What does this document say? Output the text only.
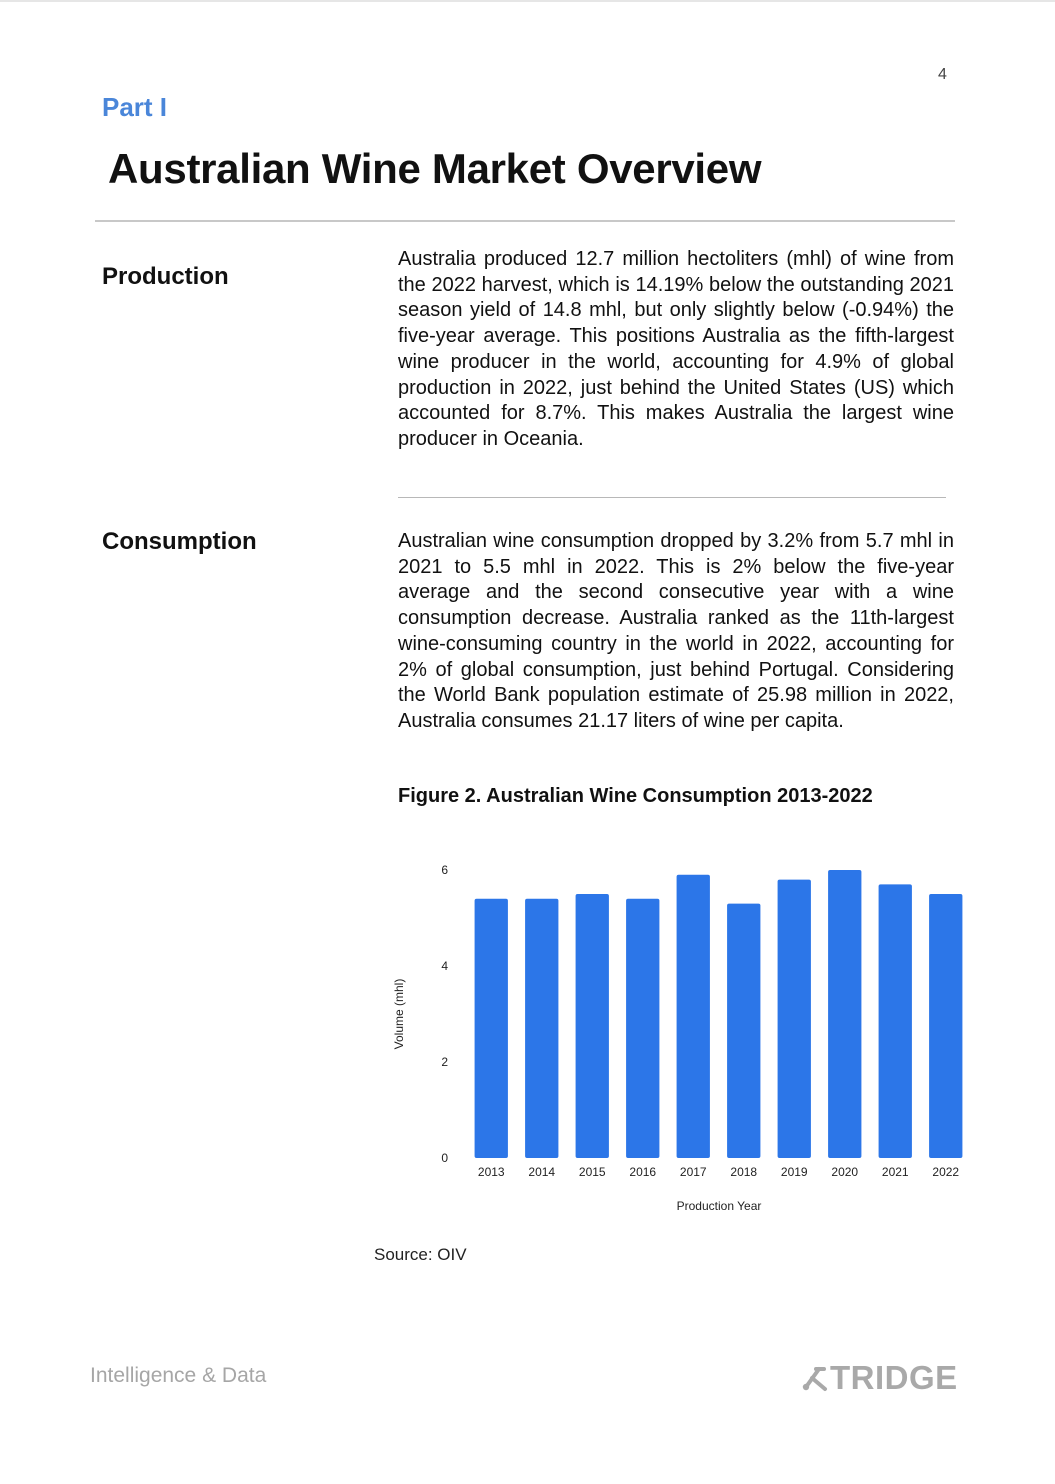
4
Part I
Australian Wine Market Overview
Production
Australia produced 12.7 million hectoliters (mhl) of wine from the 2022 harvest, which is 14.19% below the outstanding 2021 season yield of 14.8 mhl, but only slightly below (-0.94%) the five-year average. This positions Australia as the fifth-largest wine producer in the world, accounting for 4.9% of global production in 2022, just behind the United States (US) which accounted for 8.7%. This makes Australia the largest wine producer in Oceania.
Consumption	Australian wine consumption dropped by 3.2% from 5.7 mhl in 2021 to 5.5 mhl in 2022. This is 2% below the five-year average and the second consecutive year with a wine consumption decrease. Australia ranked as the 11th-largest wine-consuming country in the world in 2022, accounting for 2% of global consumption, just behind Portugal. Considering the World Bank population estimate of 25.98 million in 2022, Australia consumes 21.17 liters of wine per capita.
Figure 2. Australian Wine Consumption 2013-2022
Volume (mhl)
0
2
4
6
2013 2014 2015 2016 2017 2018 2019 2020 2021 2022
Production Year
Source: OIV
Intelligence & Data	TRIDGE
